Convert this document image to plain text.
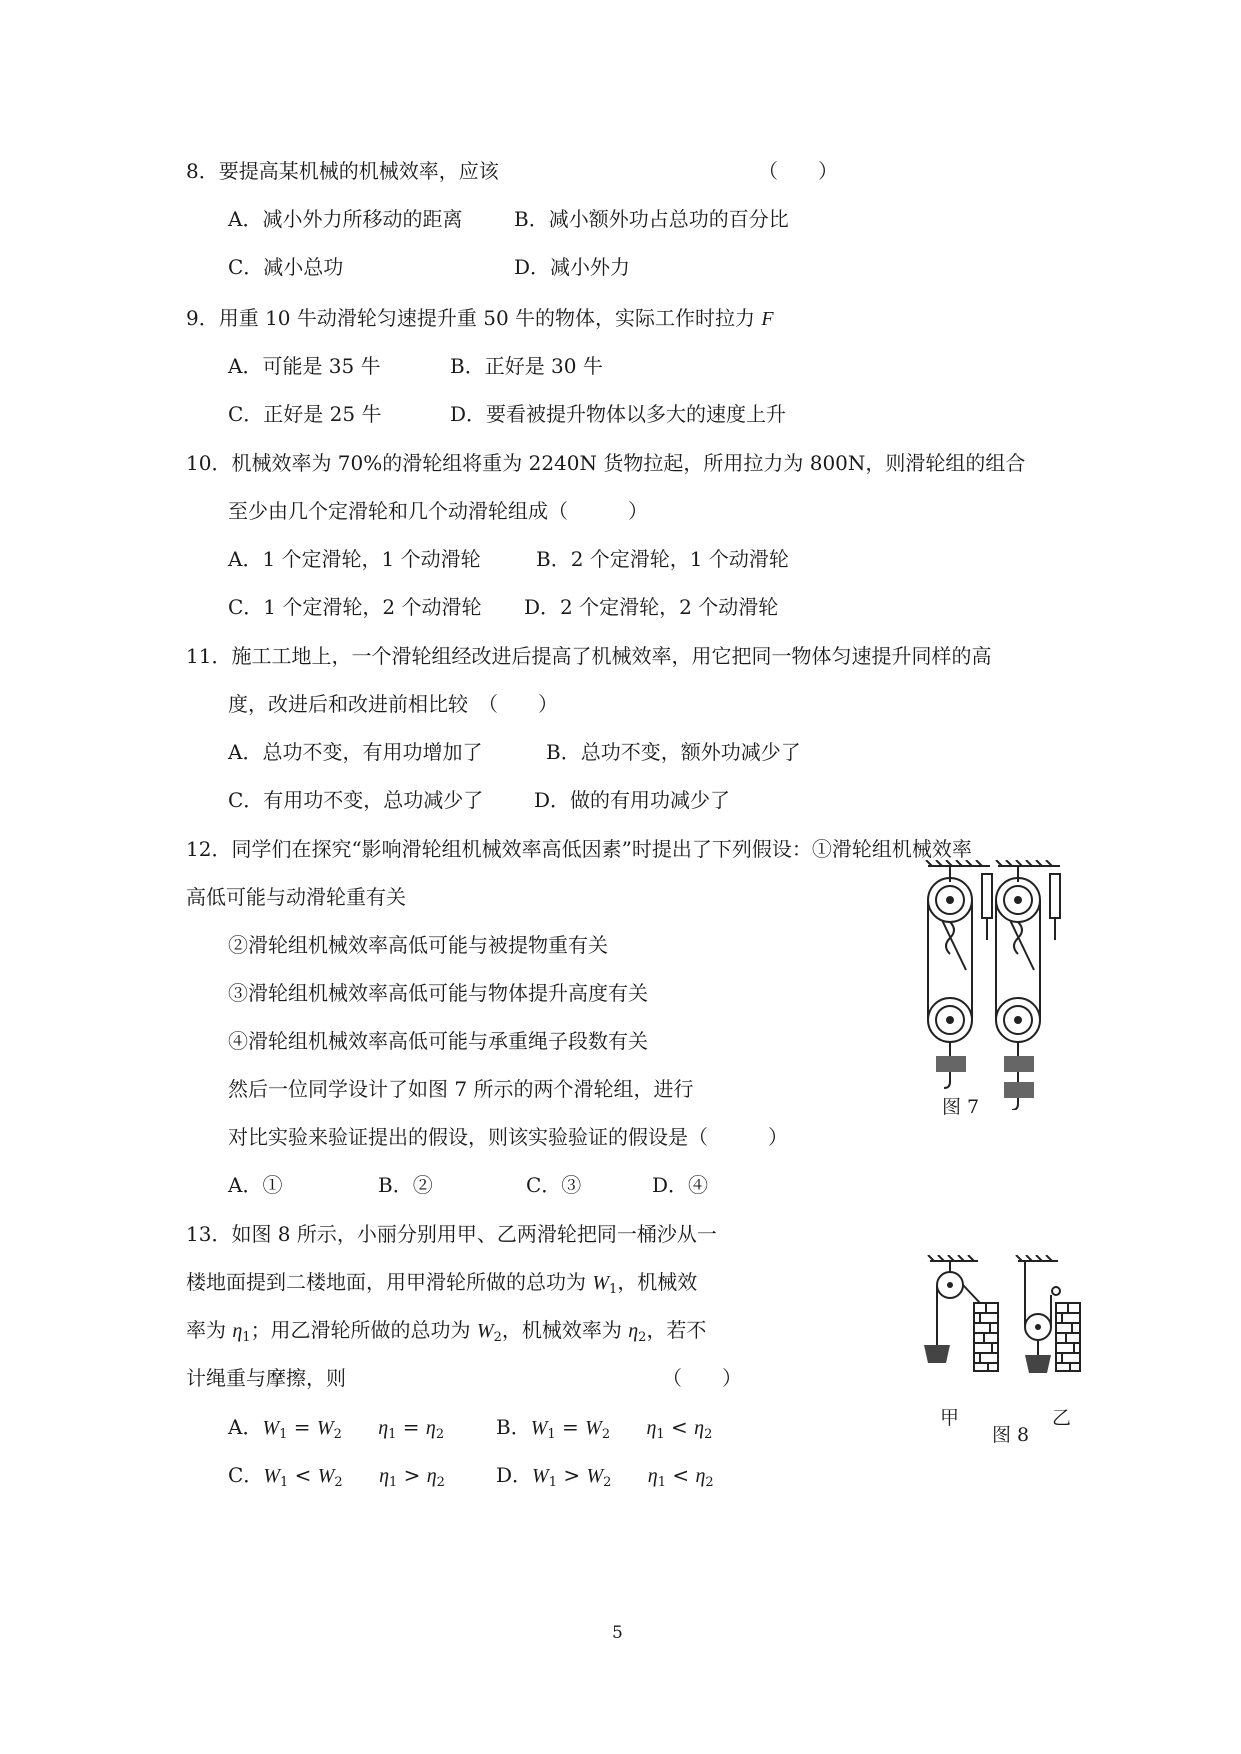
8．要提高某机械的机械效率，应该	（　　）
A．减小外力所移动的距离	B．减小额外功占总功的百分比
C．减小总功	D．减小外力
9．用重 10 牛动滑轮匀速提升重 50 牛的物体，实际工作时拉力 F
A．可能是 35 牛	B．正好是 30 牛
C．正好是 25 牛	D．要看被提升物体以多大的速度上升
10．机械效率为 70%的滑轮组将重为 2240N 货物拉起，所用拉力为 800N，则滑轮组的组合
至少由几个定滑轮和几个动滑轮组成（　　　）
A．1 个定滑轮，1 个动滑轮	B．2 个定滑轮，1 个动滑轮
C．1 个定滑轮，2 个动滑轮 D．2 个定滑轮，2 个动滑轮
11．施工工地上，一个滑轮组经改进后提高了机械效率，用它把同一物体匀速提升同样的高
度，改进后和改进前相比较　（　　）
A．总功不变，有用功增加了	B．总功不变，额外功减少了
C．有用功不变，总功减少了	D．做的有用功减少了
12．同学们在探究“影响滑轮组机械效率高低因素”时提出了下列假设：①滑轮组机械效率
高低可能与动滑轮重有关
②滑轮组机械效率高低可能与被提物重有关
③滑轮组机械效率高低可能与物体提升高度有关
④滑轮组机械效率高低可能与承重绳子段数有关
然后一位同学设计了如图 7 所示的两个滑轮组，进行
对比实验来验证提出的假设，则该实验验证的假设是（　　　）
A．①	B．②	C．③	D．④
图 7
13．如图 8 所示，小丽分别用甲、乙两滑轮把同一桶沙从一
楼地面提到二楼地面，用甲滑轮所做的总功为 $W_1$，机械效
率为 $\eta_1$；用乙滑轮所做的总功为 $W_2$，机械效率为 $\eta_2$，若不
计绳重与摩擦，则	（　　）
A．$W_1 = W_2$ $\eta_1 = \eta_2$	B．$W_1 = W_2$ $\eta_1 < \eta_2$
C．$W_1 < W_2$ $\eta_1 > \eta_2$	D．$W_1 > W_2$ $\eta_1 < \eta_2$
甲	乙
图 8
5
